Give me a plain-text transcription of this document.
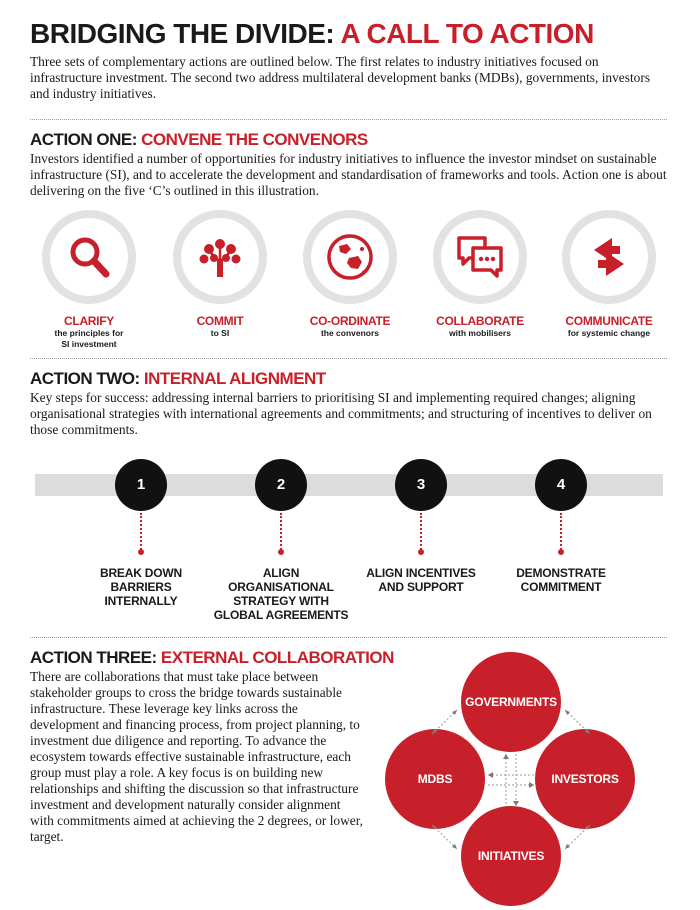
BRIDGING THE DIVIDE: A CALL TO ACTION
Three sets of complementary actions are outlined below. The first relates to industry initiatives focused on infrastructure investment. The second two address multilateral development banks (MDBs), governments, investors and industry initiatives.
ACTION ONE: CONVENE THE CONVENORS
Investors identified a number of opportunities for industry initiatives to influence the investor mindset on sustainable infrastructure (SI), and to accelerate the development and standardisation of frameworks and tools. Action one is about delivering on the five ‘C’s outlined in this illustration.
CLARIFY
the principles for
SI investment
COMMIT
to SI
CO-ORDINATE
the convenors
COLLABORATE
with mobilisers
COMMUNICATE
for systemic change
ACTION TWO: INTERNAL ALIGNMENT
Key steps for success: addressing internal barriers to prioritising SI and implementing required changes; aligning organisational strategies with international agreements and commitments; and structuring of incentives to deliver on those commitments.
1	2	3	4
BREAK DOWN
BARRIERS
INTERNALLY
ALIGN
ORGANISATIONAL
STRATEGY WITH
GLOBAL AGREEMENTS
ALIGN INCENTIVES
AND SUPPORT
DEMONSTRATE
COMMITMENT
ACTION THREE: EXTERNAL COLLABORATION
There are collaborations that must take place between stakeholder groups to cross the bridge towards sustainable infrastructure. These leverage key links across the development and financing process, from project planning, to investment due diligence and reporting. To advance the ecosystem towards effective sustainable infrastructure, each group must play a role. A key focus is on building new relationships and shifting the discussion so that infrastructure investment and development naturally consider alignment with commitments aimed at achieving the 2 degrees, or lower, target.
GOVERNMENTS
MDBS	INVESTORS
INITIATIVES
